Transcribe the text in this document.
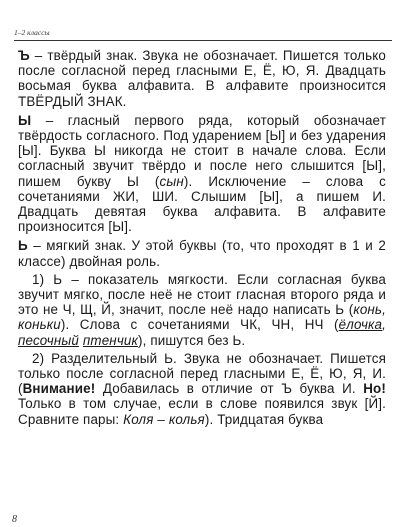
1–2 классы

Ъ – твёрдый знак. Звука не обозначает. Пишется только после согласной перед гласными Е, Ё, Ю, Я. Двадцать восьмая буква алфавита. В алфавите произносится ТВЁРДЫЙ ЗНАК.

Ы – гласный первого ряда, который обозначает твёрдость согласного. Под ударением [Ы] и без ударения [Ы]. Буква Ы никогда не стоит в начале слова. Если согласный звучит твёрдо и после него слышится [Ы], пишем букву Ы (сын). Исключение – слова с сочетаниями ЖИ, ШИ. Слышим [Ы], а пишем И. Двадцать девятая буква алфавита. В алфавите произносится [Ы].

Ь – мягкий знак. У этой буквы (то, что проходят в 1 и 2 классе) двойная роль.

1) Ь – показатель мягкости. Если согласная буква звучит мягко, после неё не стоит гласная второго ряда и это не Ч, Щ, Й, значит, после неё надо написать Ь (конь, коньки). Слова с сочетаниями ЧК, ЧН, НЧ (ёлочка, песочный птенчик), пишутся без Ь.

2) Разделительный Ь. Звука не обозначает. Пишется только после согласной перед гласными Е, Ё, Ю, Я, И. (Внимание! Добавилась в отличие от Ъ буква И. Но! Только в том случае, если в слове появился звук [Й]. Сравните пары: Коля – колья). Тридцатая буква

8
